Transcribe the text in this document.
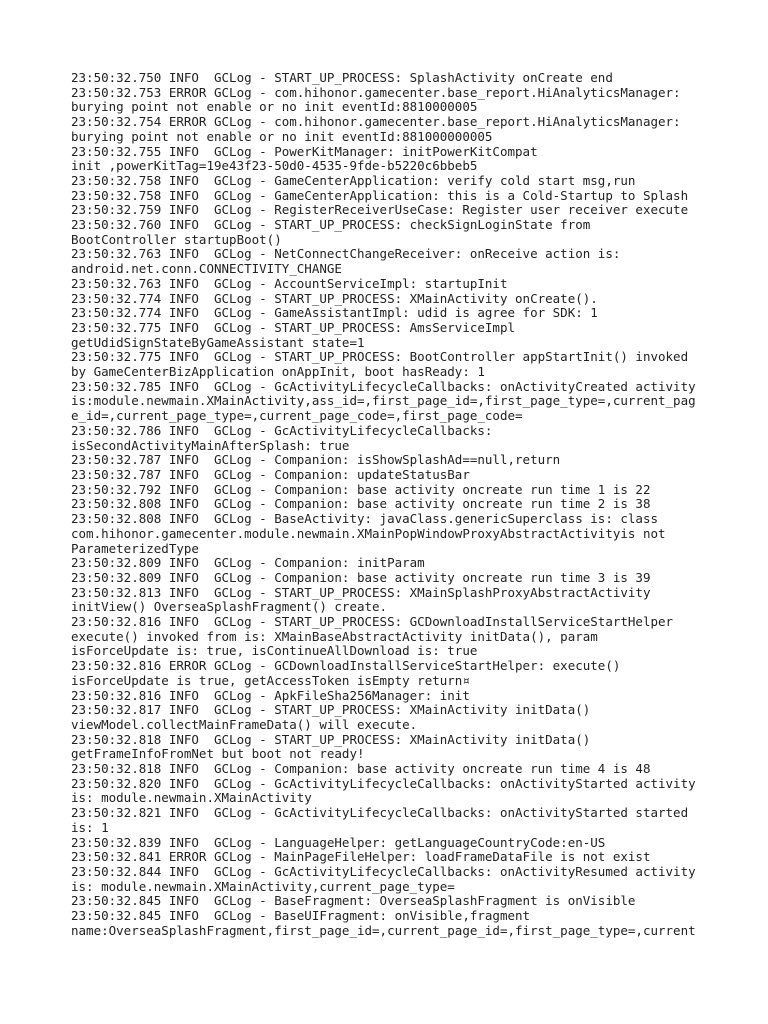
23:50:32.750 INFO  GCLog - START_UP_PROCESS: SplashActivity onCreate end
23:50:32.753 ERROR GCLog - com.hihonor.gamecenter.base_report.HiAnalyticsManager:
burying point not enable or no init eventId:8810000005
23:50:32.754 ERROR GCLog - com.hihonor.gamecenter.base_report.HiAnalyticsManager:
burying point not enable or no init eventId:881000000005
23:50:32.755 INFO  GCLog - PowerKitManager: initPowerKitCompat
init ,powerKitTag=19e43f23-50d0-4535-9fde-b5220c6bbeb5
23:50:32.758 INFO  GCLog - GameCenterApplication: verify cold start msg,run
23:50:32.758 INFO  GCLog - GameCenterApplication: this is a Cold-Startup to Splash
23:50:32.759 INFO  GCLog - RegisterReceiverUseCase: Register user receiver execute
23:50:32.760 INFO  GCLog - START_UP_PROCESS: checkSignLoginState from
BootController startupBoot()
23:50:32.763 INFO  GCLog - NetConnectChangeReceiver: onReceive action is:
android.net.conn.CONNECTIVITY_CHANGE
23:50:32.763 INFO  GCLog - AccountServiceImpl: startupInit
23:50:32.774 INFO  GCLog - START_UP_PROCESS: XMainActivity onCreate().
23:50:32.774 INFO  GCLog - GameAssistantImpl: udid is agree for SDK: 1
23:50:32.775 INFO  GCLog - START_UP_PROCESS: AmsServiceImpl
getUdidSignStateByGameAssistant state=1
23:50:32.775 INFO  GCLog - START_UP_PROCESS: BootController appStartInit() invoked
by GameCenterBizApplication onAppInit, boot hasReady: 1
23:50:32.785 INFO  GCLog - GcActivityLifecycleCallbacks: onActivityCreated activity
is:module.newmain.XMainActivity,ass_id=,first_page_id=,first_page_type=,current_pag
e_id=,current_page_type=,current_page_code=,first_page_code=
23:50:32.786 INFO  GCLog - GcActivityLifecycleCallbacks:
isSecondActivityMainAfterSplash: true
23:50:32.787 INFO  GCLog - Companion: isShowSplashAd==null,return
23:50:32.787 INFO  GCLog - Companion: updateStatusBar
23:50:32.792 INFO  GCLog - Companion: base activity oncreate run time 1 is 22
23:50:32.808 INFO  GCLog - Companion: base activity oncreate run time 2 is 38
23:50:32.808 INFO  GCLog - BaseActivity: javaClass.genericSuperclass is: class
com.hihonor.gamecenter.module.newmain.XMainPopWindowProxyAbstractActivityis not
ParameterizedType
23:50:32.809 INFO  GCLog - Companion: initParam
23:50:32.809 INFO  GCLog - Companion: base activity oncreate run time 3 is 39
23:50:32.813 INFO  GCLog - START_UP_PROCESS: XMainSplashProxyAbstractActivity
initView() OverseaSplashFragment() create.
23:50:32.816 INFO  GCLog - START_UP_PROCESS: GCDownloadInstallServiceStartHelper
execute() invoked from is: XMainBaseAbstractActivity initData(), param
isForceUpdate is: true, isContinueAllDownload is: true
23:50:32.816 ERROR GCLog - GCDownloadInstallServiceStartHelper: execute()
isForceUpdate is true, getAccessToken isEmpty return¤
23:50:32.816 INFO  GCLog - ApkFileSha256Manager: init
23:50:32.817 INFO  GCLog - START_UP_PROCESS: XMainActivity initData()
viewModel.collectMainFrameData() will execute.
23:50:32.818 INFO  GCLog - START_UP_PROCESS: XMainActivity initData()
getFrameInfoFromNet but boot not ready!
23:50:32.818 INFO  GCLog - Companion: base activity oncreate run time 4 is 48
23:50:32.820 INFO  GCLog - GcActivityLifecycleCallbacks: onActivityStarted activity
is: module.newmain.XMainActivity
23:50:32.821 INFO  GCLog - GcActivityLifecycleCallbacks: onActivityStarted started
is: 1
23:50:32.839 INFO  GCLog - LanguageHelper: getLanguageCountryCode:en-US
23:50:32.841 ERROR GCLog - MainPageFileHelper: loadFrameDataFile is not exist
23:50:32.844 INFO  GCLog - GcActivityLifecycleCallbacks: onActivityResumed activity
is: module.newmain.XMainActivity,current_page_type=
23:50:32.845 INFO  GCLog - BaseFragment: OverseaSplashFragment is onVisible
23:50:32.845 INFO  GCLog - BaseUIFragment: onVisible,fragment
name:OverseaSplashFragment,first_page_id=,current_page_id=,first_page_type=,current
